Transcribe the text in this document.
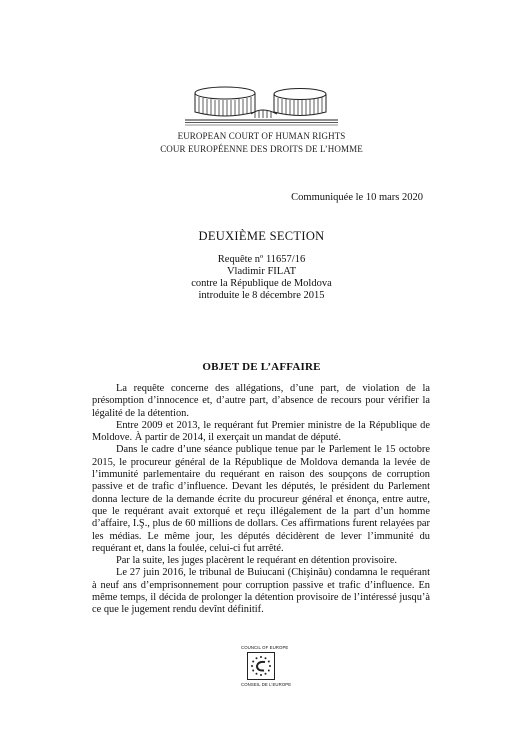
EUROPEAN COURT OF HUMAN RIGHTS
COUR EUROPÉENNE DES DROITS DE L’HOMME
Communiquée le 10 mars 2020
DEUXIÈME SECTION
Requête nº 11657/16
Vladimir FILAT
contre la République de Moldova
introduite le 8 décembre 2015
OBJET DE L’AFFAIRE

La requête concerne des allégations, d’une part, de violation de la présomption d’innocence et, d’autre part, d’absence de recours pour vérifier la légalité de la détention.

Entre 2009 et 2013, le requérant fut Premier ministre de la République de Moldove. À partir de 2014, il exerçait un mandat de député.

Dans le cadre d’une séance publique tenue par le Parlement le 15 octobre 2015, le procureur général de la République de Moldova demanda la levée de l’immunité parlementaire du requérant en raison des soupçons de corruption passive et de trafic d’influence. Devant les députés, le président du Parlement donna lecture de la demande écrite du procureur général et énonça, entre autre, que le requérant avait extorqué et reçu illégalement de la part d’un homme d’affaire, I.Ş., plus de 60 millions de dollars. Ces affirmations furent relayées par les médias. Le même jour, les députés décidèrent de lever l’immunité du requérant et, dans la foulée, celui-ci fut arrêté.

Par la suite, les juges placèrent le requérant en détention provisoire.

Le 27 juin 2016, le tribunal de Buiucani (Chişinău) condamna le requérant à neuf ans d’emprisonnement pour corruption passive et trafic d’influence. En même temps, il décida de prolonger la détention provisoire de l’intéressé jusqu’à ce que le jugement rendu devînt définitif.

COUNCIL OF EUROPE
CONSEIL DE L’EUROPE
